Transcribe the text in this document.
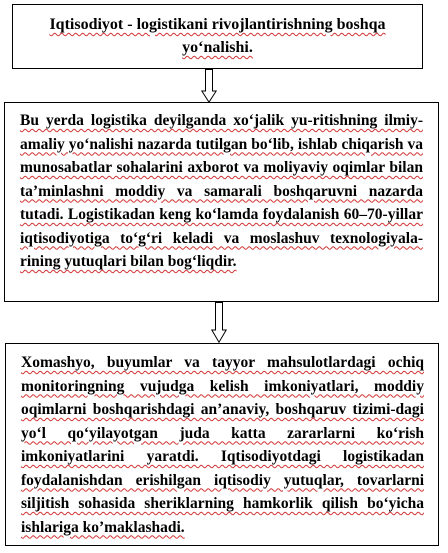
Iqtisodiyot - logistikani rivojlantirishning boshqa yo‘nalishi.

Bu yerda logistika deyilganda xo‘jalik yu-ritishning ilmiy-amaliy yo‘nalishi nazarda tutilgan bo‘lib, ishlab chiqarish va munosabatlar sohalarini axborot va moliyaviy oqimlar bilan ta’minlashni moddiy va samarali boshqaruvni nazarda tutadi. Logistikadan keng ko‘lamda foydalanish 60–70-yillar iqtisodiyotiga to‘g‘ri keladi va moslashuv texnologiyala-rining yutuqlari bilan bog‘liqdir.

Xomashyo, buyumlar va tayyor mahsulotlardagi ochiq monitoringning vujudga kelish imkoniyatlari, moddiy oqimlarni boshqarishdagi an’anaviy, boshqaruv tizimi-dagi yo‘l qo‘yilayotgan juda katta zararlarni ko‘rish imkoniyatlarini yaratdi. Iqtisodiyotdagi logistikadan foydalanishdan erishilgan iqtisodiy yutuqlar, tovarlarni siljitish sohasida sheriklarning hamkorlik qilish bo‘yicha ishlariga ko’maklashadi.
